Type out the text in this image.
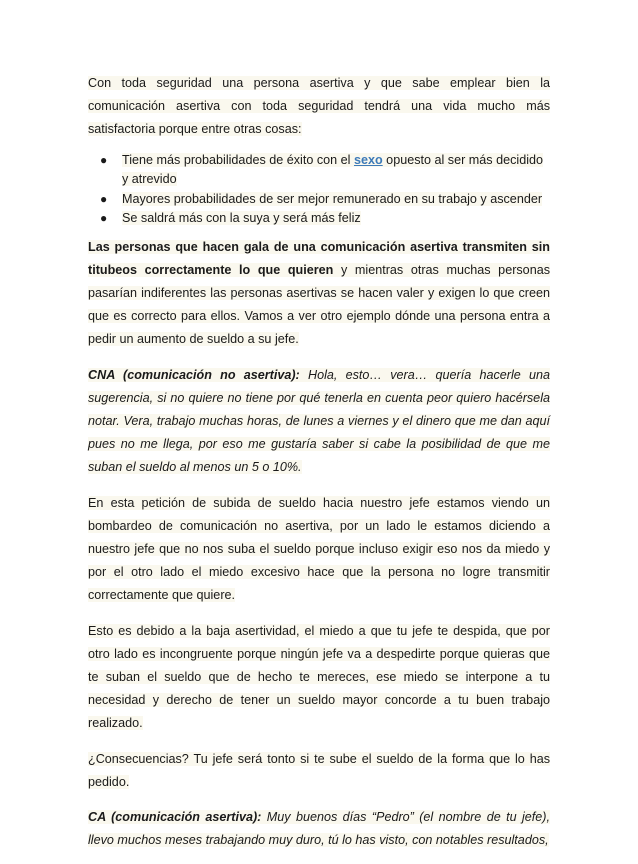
Con toda seguridad una persona asertiva y que sabe emplear bien la comunicación asertiva con toda seguridad tendrá una vida mucho más satisfactoria porque entre otras cosas:

● Tiene más probabilidades de éxito con el sexo opuesto al ser más decidido y atrevido
● Mayores probabilidades de ser mejor remunerado en su trabajo y ascender
● Se saldrá más con la suya y será más feliz

Las personas que hacen gala de una comunicación asertiva transmiten sin titubeos correctamente lo que quieren y mientras otras muchas personas pasarían indiferentes las personas asertivas se hacen valer y exigen lo que creen que es correcto para ellos. Vamos a ver otro ejemplo dónde una persona entra a pedir un aumento de sueldo a su jefe.

CNA (comunicación no asertiva): Hola, esto… vera… quería hacerle una sugerencia, si no quiere no tiene por qué tenerla en cuenta peor quiero hacérsela notar. Vera, trabajo muchas horas, de lunes a viernes y el dinero que me dan aquí pues no me llega, por eso me gustaría saber si cabe la posibilidad de que me suban el sueldo al menos un 5 o 10%.

En esta petición de subida de sueldo hacia nuestro jefe estamos viendo un bombardeo de comunicación no asertiva, por un lado le estamos diciendo a nuestro jefe que no nos suba el sueldo porque incluso exigir eso nos da miedo y por el otro lado el miedo excesivo hace que la persona no logre transmitir correctamente que quiere.

Esto es debido a la baja asertividad, el miedo a que tu jefe te despida, que por otro lado es incongruente porque ningún jefe va a despedirte porque quieras que te suban el sueldo que de hecho te mereces, ese miedo se interpone a tu necesidad y derecho de tener un sueldo mayor concorde a tu buen trabajo realizado.

¿Consecuencias? Tu jefe será tonto si te sube el sueldo de la forma que lo has pedido.

CA (comunicación asertiva): Muy buenos días “Pedro” (el nombre de tu jefe), llevo muchos meses trabajando muy duro, tú lo has visto, con notables resultados,
